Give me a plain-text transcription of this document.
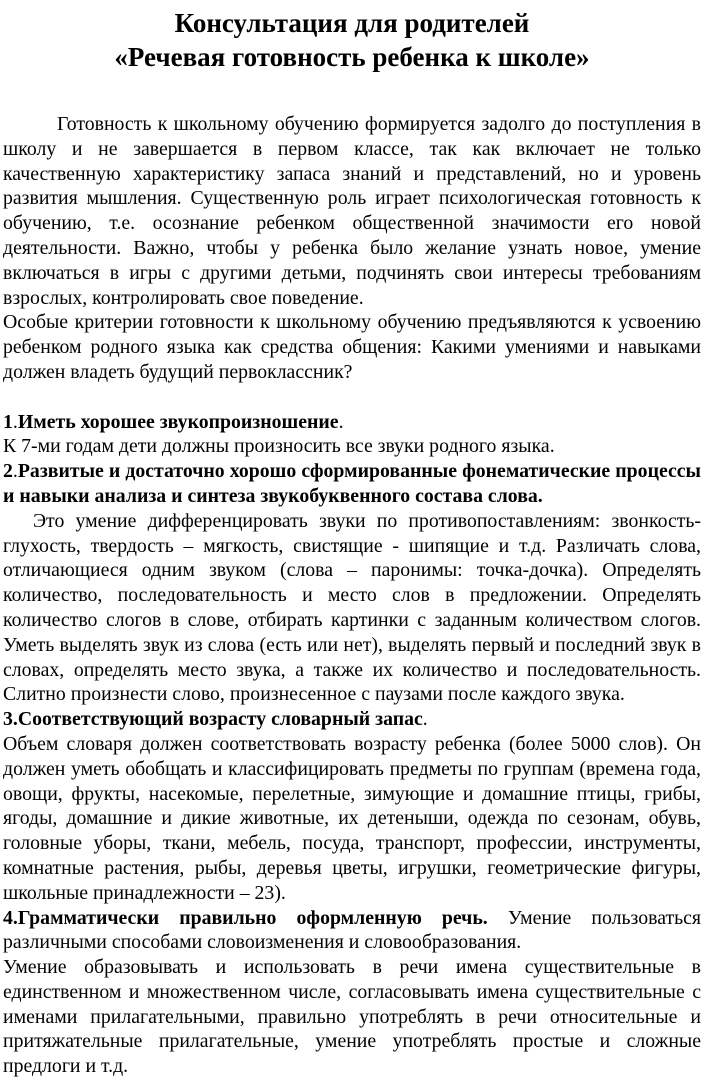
Консультация для родителей
«Речевая готовность ребенка к школе»

Готовность к школьному обучению формируется задолго до поступления в школу и не завершается в первом классе, так как включает не только качественную характеристику запаса знаний и представлений, но и уровень развития мышления. Существенную роль играет психологическая готовность к обучению, т.е. осознание ребенком общественной значимости его новой деятельности. Важно, чтобы у ребенка было желание узнать новое, умение включаться в игры с другими детьми, подчинять свои интересы требованиям взрослых, контролировать свое поведение.

Особые критерии готовности к школьному обучению предъявляются к усвоению ребенком родного языка как средства общения: Какими умениями и навыками должен владеть будущий первоклассник?

1.Иметь хорошее звукопроизношение.

К 7-ми годам дети должны произносить все звуки родного языка.

2.Развитые и достаточно хорошо сформированные фонематические процессы и навыки анализа и синтеза звукобуквенного состава слова.

Это умение дифференцировать звуки по противопоставлениям: звонкость-глухость, твердость – мягкость, свистящие - шипящие и т.д. Различать слова, отличающиеся одним звуком (слова – паронимы: точка-дочка). Определять количество, последовательность и место слов в предложении. Определять количество слогов в слове, отбирать картинки с заданным количеством слогов. Уметь выделять звук из слова (есть или нет), выделять первый и последний звук в словах, определять место звука, а также их количество и последовательность. Слитно произнести слово, произнесенное с паузами после каждого звука.

3.Соответствующий возрасту словарный запас.

Объем словаря должен соответствовать возрасту ребенка (более 5000 слов). Он должен уметь обобщать и классифицировать предметы по группам (времена года, овощи, фрукты, насекомые, перелетные, зимующие и домашние птицы, грибы, ягоды, домашние и дикие животные, их детеныши, одежда по сезонам, обувь, головные уборы, ткани, мебель, посуда, транспорт, профессии, инструменты, комнатные растения, рыбы, деревья цветы, игрушки, геометрические фигуры, школьные принадлежности – 23).

4.Грамматически правильно оформленную речь. Умение пользоваться различными способами словоизменения и словообразования.

Умение образовывать и использовать в речи имена существительные в единственном и множественном числе, согласовывать имена существительные с именами прилагательными, правильно употреблять в речи относительные и притяжательные прилагательные, умение употреблять простые и сложные предлоги и т.д.
